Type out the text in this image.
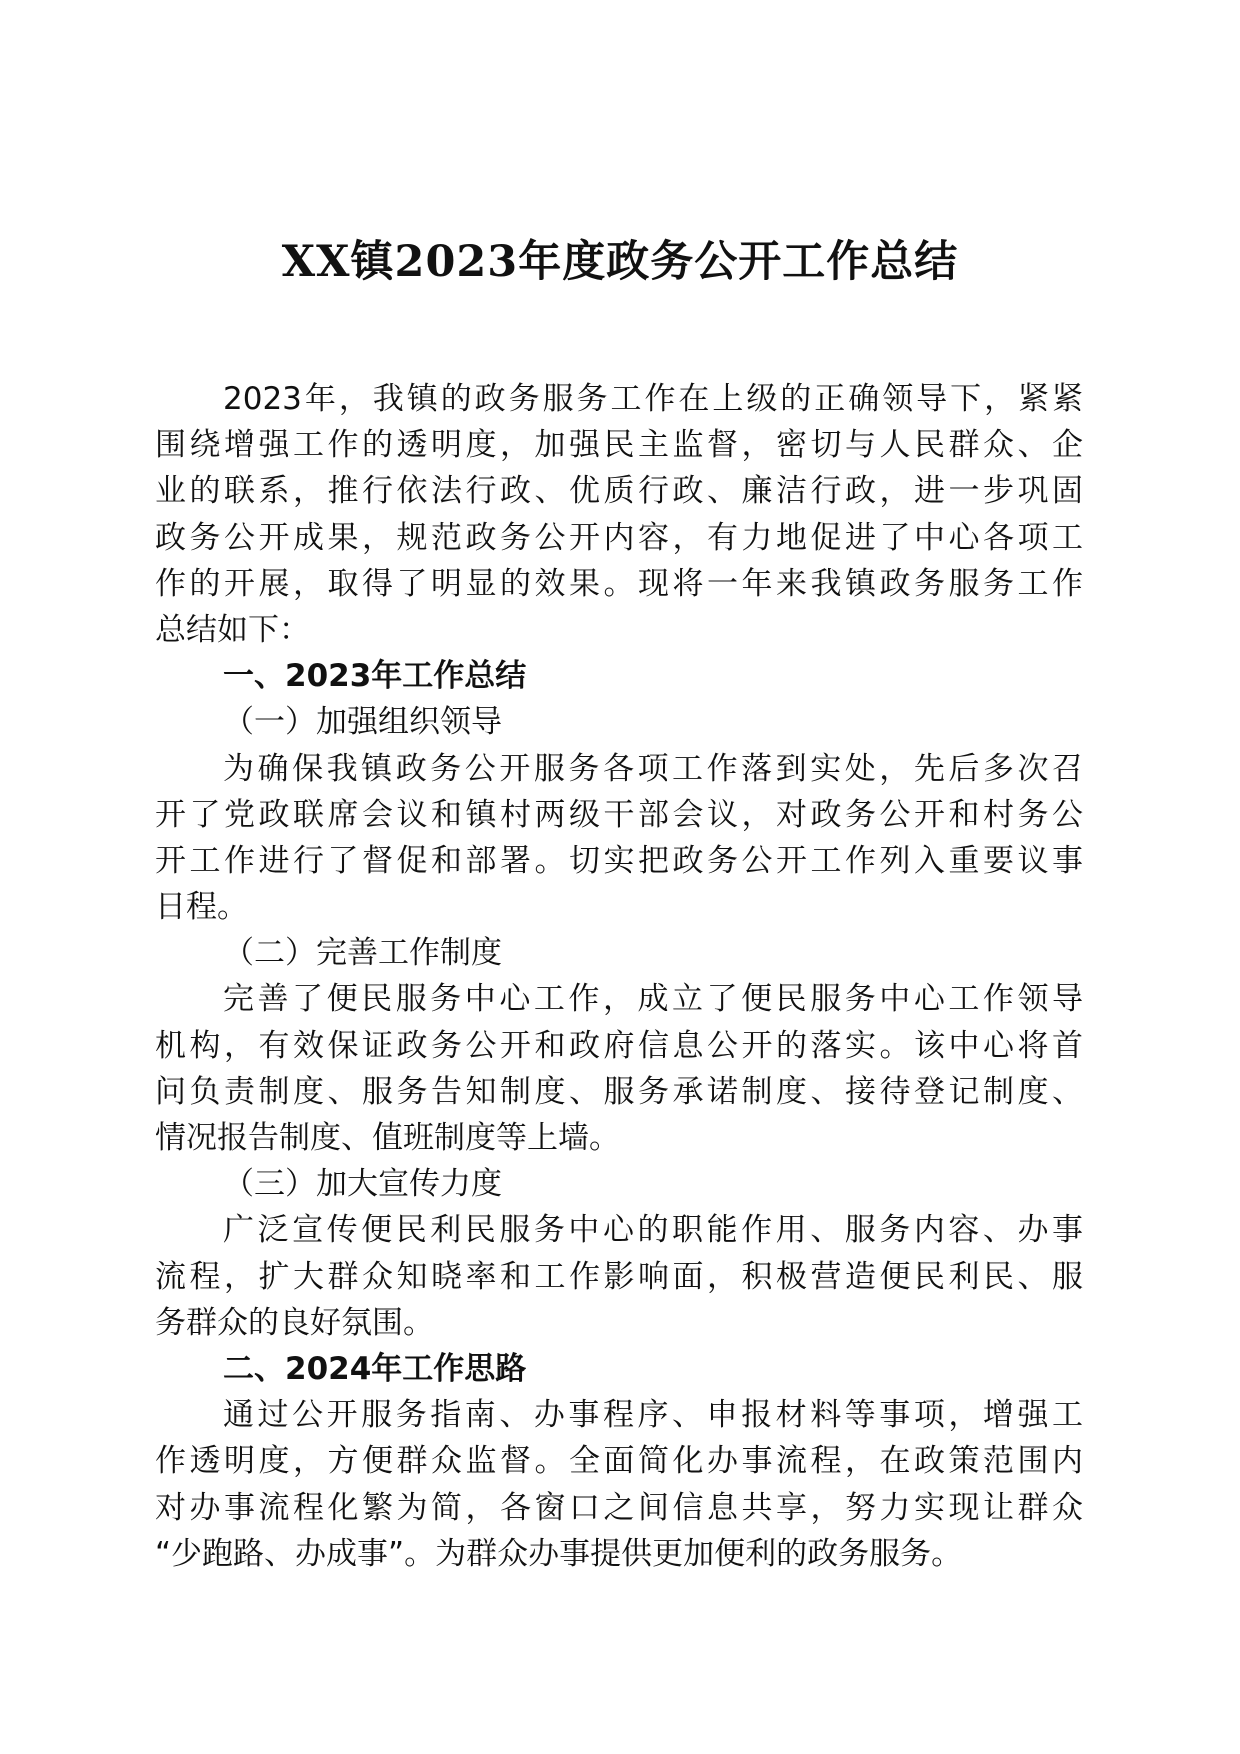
XX镇2023年度政务公开工作总结
2023年，我镇的政务服务工作在上级的正确领导下，紧紧
围绕增强工作的透明度，加强民主监督，密切与人民群众、企
业的联系，推行依法行政、优质行政、廉洁行政，进一步巩固
政务公开成果，规范政务公开内容，有力地促进了中心各项工
作的开展，取得了明显的效果。现将一年来我镇政务服务工作
总结如下：
一、2023年工作总结
（一）加强组织领导
为确保我镇政务公开服务各项工作落到实处，先后多次召
开了党政联席会议和镇村两级干部会议，对政务公开和村务公
开工作进行了督促和部署。切实把政务公开工作列入重要议事
日程。
（二）完善工作制度
完善了便民服务中心工作，成立了便民服务中心工作领导
机构，有效保证政务公开和政府信息公开的落实。该中心将首
问负责制度、服务告知制度、服务承诺制度、接待登记制度、
情况报告制度、值班制度等上墙。
（三）加大宣传力度
广泛宣传便民利民服务中心的职能作用、服务内容、办事
流程，扩大群众知晓率和工作影响面，积极营造便民利民、服
务群众的良好氛围。
二、2024年工作思路
通过公开服务指南、办事程序、申报材料等事项，增强工
作透明度，方便群众监督。全面简化办事流程，在政策范围内
对办事流程化繁为简，各窗口之间信息共享，努力实现让群众
“少跑路、办成事”。为群众办事提供更加便利的政务服务。
